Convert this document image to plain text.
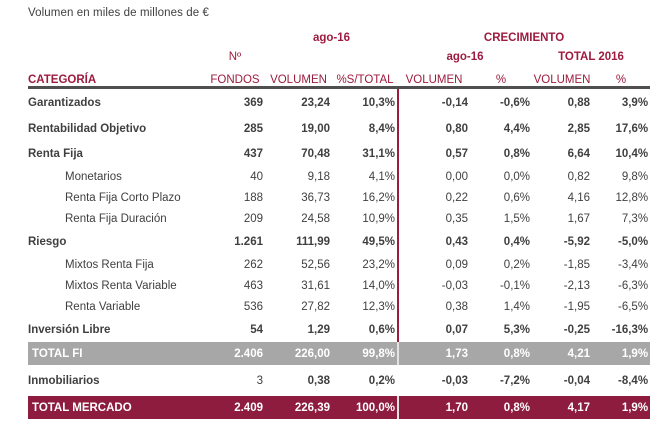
Volumen en miles de millones de €
		ago-16		CRECIMIENTO			
	Nº			ago-16		TOTAL 2016	
CATEGORÍA	FONDOS	VOLUMEN	%S/TOTAL	VOLUMEN	%	VOLUMEN	%
Garantizados	369	23,24	10,3%	-0,14	-0,6%	0,88	3,9%
Rentabilidad Objetivo	285	19,00	8,4%	0,80	4,4%	2,85	17,6%
Renta Fija	437	70,48	31,1%	0,57	0,8%	6,64	10,4%
Monetarios	40	9,18	4,1%	0,00	0,0%	0,82	9,8%
Renta Fija Corto Plazo	188	36,73	16,2%	0,22	0,6%	4,16	12,8%
Renta Fija Duración	209	24,58	10,9%	0,35	1,5%	1,67	7,3%
Riesgo	1.261	111,99	49,5%	0,43	0,4%	-5,92	-5,0%
Mixtos Renta Fija	262	52,56	23,2%	0,09	0,2%	-1,85	-3,4%
Mixtos Renta Variable	463	31,61	14,0%	-0,03	-0,1%	-2,13	-6,3%
Renta Variable	536	27,82	12,3%	0,38	1,4%	-1,95	-6,5%
Inversión Libre	54	1,29	0,6%	0,07	5,3%	-0,25	-16,3%
TOTAL FI	2.406	226,00	99,8%	1,73	0,8%	4,21	1,9%
Inmobiliarios	3	0,38	0,2%	-0,03	-7,2%	-0,04	-8,4%
TOTAL MERCADO	2.409	226,39	100,0%	1,70	0,8%	4,17	1,9%
